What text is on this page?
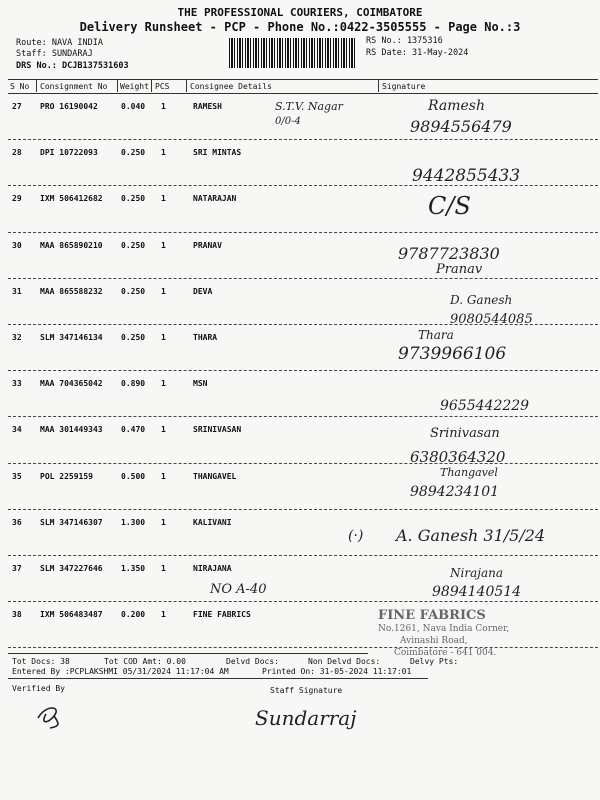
THE PROFESSIONAL COURIERS, COIMBATORE
Delivery Runsheet - PCP - Phone No.:0422-3505555 - Page No.:3
Route: NAVA INDIA
Staff: SUNDARAJ
DRS No.: DCJB137531603
RS No.: 1375316
RS Date: 31-May-2024
S No Consignment No Weight PCS	Consignee Details	Signature
27 PRO 16190042	0.040 1	RAMESH
28 DPI 10722093	0.250 1	SRI MINTAS
29 IXM 506412682 0.250 1	NATARAJAN
30 MAA 865890210 0.250 1	PRANAV
31 MAA 865588232 0.250 1	DEVA
32 SLM 347146134 0.250 1	THARA
33 MAA 704365042 0.890 1	MSN
34 MAA 301449343 0.470 1	SRINIVASAN
35 POL 2259159	0.500 1	THANGAVEL
36 SLM 347146307 1.300 1	KALIVANI
37 SLM 347227646 1.350 1	NIRAJANA
38 IXM 506483487 0.200 1	FINE FABRICS
S.T.V. Nagar
0/0-4
Ramesh
9894556479
9442855433
C/S
9787723830
Pranav
D. Ganesh
9080544085
Thara
9739966106
9655442229
Srinivasan
6380364320
Thangavel
9894234101
(·) A. Ganesh 31/5/24
NO A-40
Nirajana
9894140514
FINE FABRICS
No.1261, Nava India Corner,
Avinashi Road,
Coimbatore - 641 004.
Tot Docs: 38	Tot COD Amt: 0.00	Delvd Docs:	Non Delvd Docs:	Delvy Pts:
Entered By :PCPLAKSHMI 05/31/2024 11:17:04 AM	Printed On: 31-05-2024 11:17:01
Verified By	Staff Signature
Sundarraj
